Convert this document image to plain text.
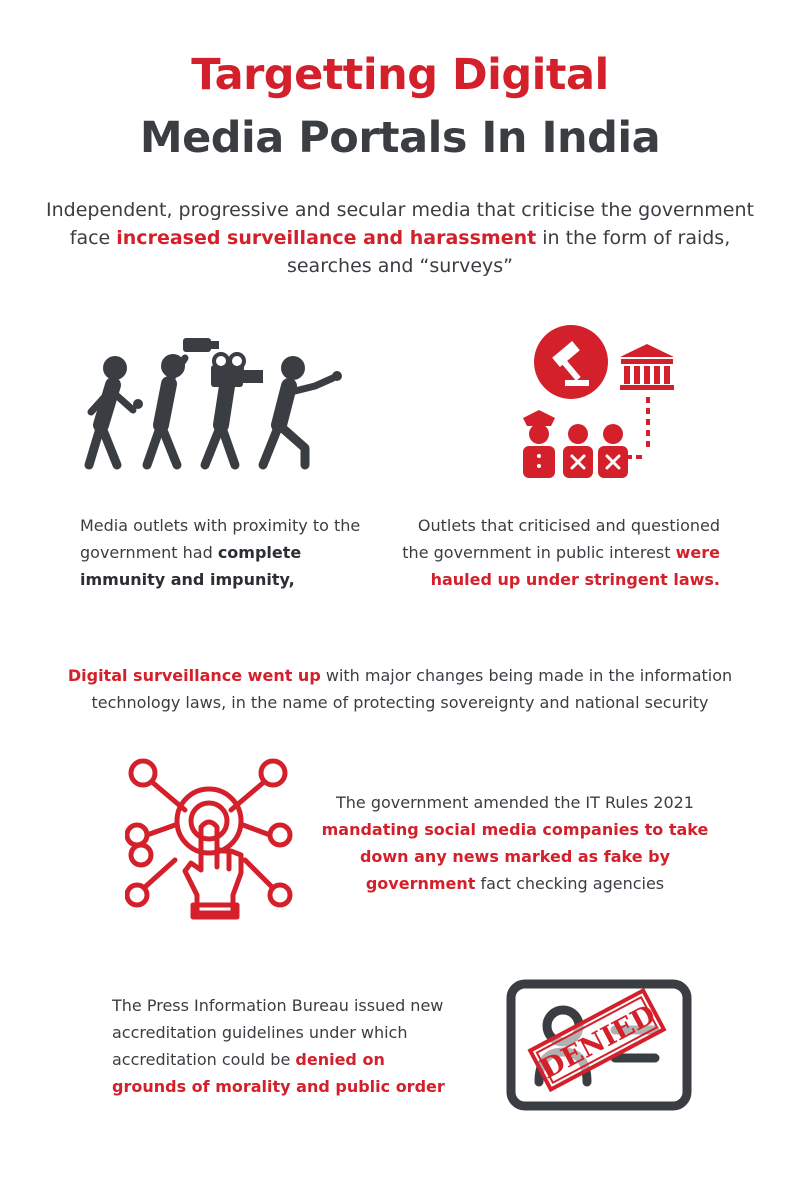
Targetting Digital
Media Portals In India
Independent, progressive and secular media that criticise the government face increased surveillance and harassment in the form of raids, searches and “surveys”
Media outlets with proximity to the government had complete immunity and impunity,
Outlets that criticised and questioned the government in public interest were hauled up under stringent laws.
Digital surveillance went up with major changes being made in the information technology laws, in the name of protecting sovereignty and national security
The government amended the IT Rules 2021 mandating social media companies to take down any news marked as fake by government fact checking agencies
The Press Information Bureau issued new accreditation guidelines under which accreditation could be denied on grounds of morality and public order
DENIED
